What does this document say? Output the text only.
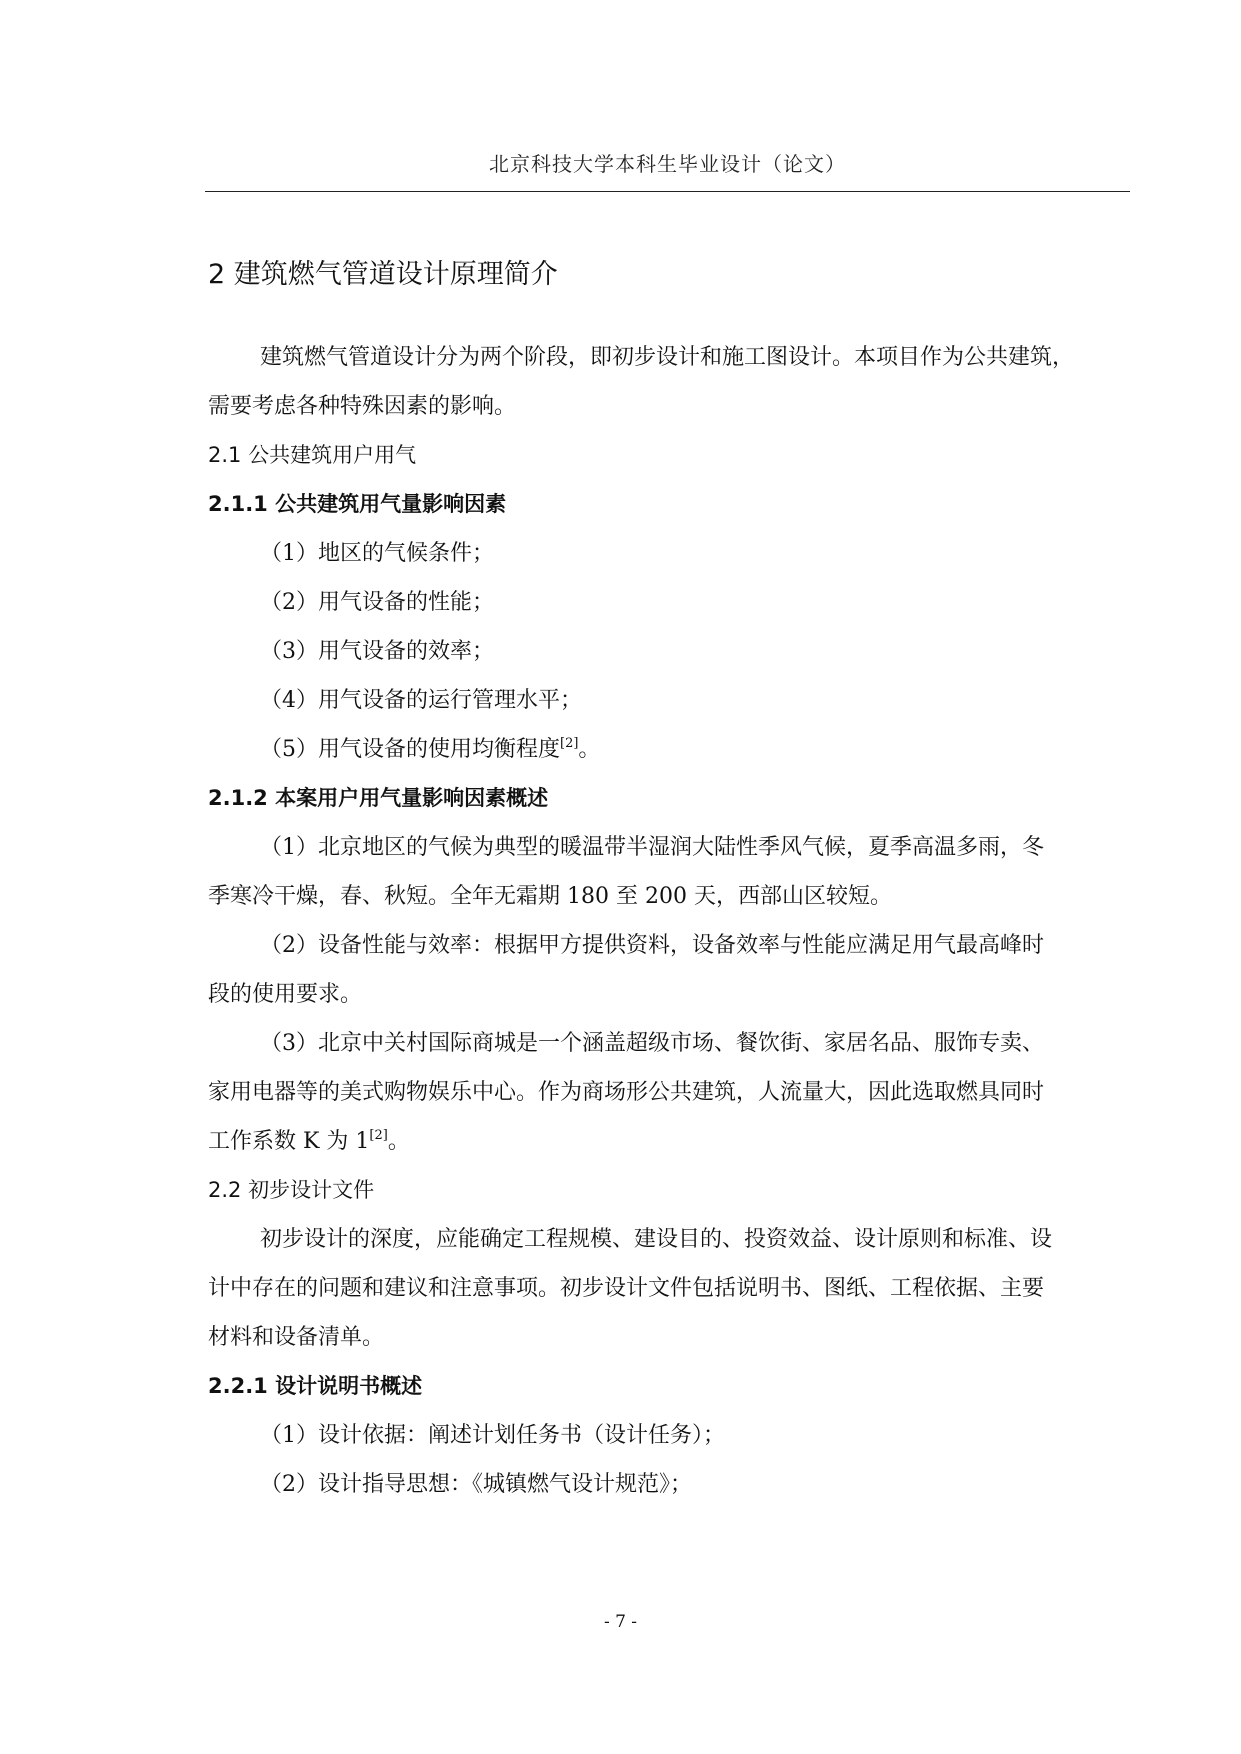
北京科技大学本科生毕业设计（论文）
2 建筑燃气管道设计原理简介
建筑燃气管道设计分为两个阶段，即初步设计和施工图设计。本项目作为公共建筑，
需要考虑各种特殊因素的影响。
2.1 公共建筑用户用气
2.1.1 公共建筑用气量影响因素
（1）地区的气候条件；
（2）用气设备的性能；
（3）用气设备的效率；
（4）用气设备的运行管理水平；
（5）用气设备的使用均衡程度[2]。
2.1.2 本案用户用气量影响因素概述
（1）北京地区的气候为典型的暖温带半湿润大陆性季风气候，夏季高温多雨，冬
季寒冷干燥，春、秋短。全年无霜期 180 至 200 天，西部山区较短。
（2）设备性能与效率：根据甲方提供资料，设备效率与性能应满足用气最高峰时
段的使用要求。
（3）北京中关村国际商城是一个涵盖超级市场、餐饮街、家居名品、服饰专卖、
家用电器等的美式购物娱乐中心。作为商场形公共建筑，人流量大，因此选取燃具同时
工作系数 K 为 1[2]。
2.2 初步设计文件
初步设计的深度，应能确定工程规模、建设目的、投资效益、设计原则和标准、设
计中存在的问题和建议和注意事项。初步设计文件包括说明书、图纸、工程依据、主要
材料和设备清单。
2.2.1 设计说明书概述
（1）设计依据：阐述计划任务书（设计任务）；
（2）设计指导思想：《城镇燃气设计规范》；
- 7 -
